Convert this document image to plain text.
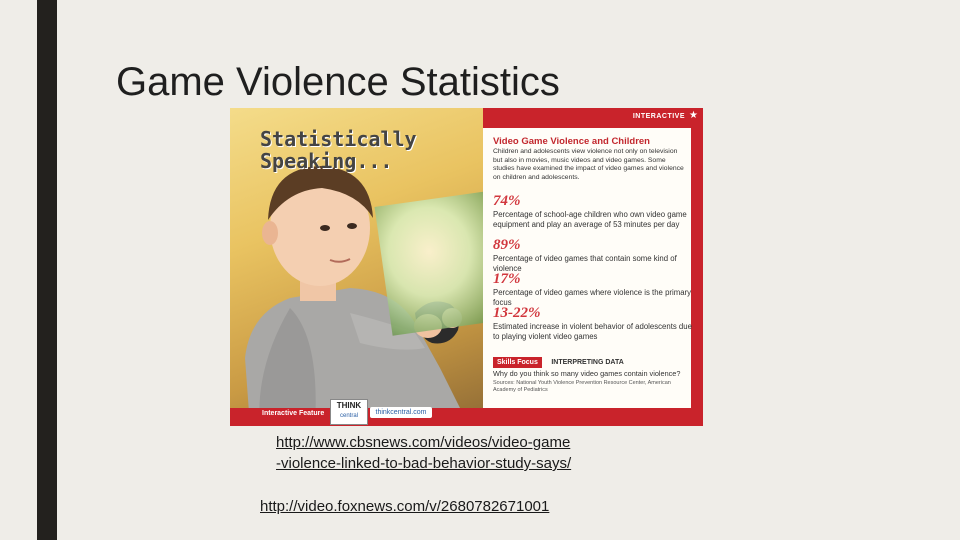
Game Violence Statistics
INTERACTIVE ★
Statistically
Speaking...
Video Game Violence and Children
Children and adolescents view violence not only on television but also in movies, music videos and video games. Some studies have examined the impact of video games and violence on children and adolescents.
74%
Percentage of school-age children who own video game equipment and play an average of 53 minutes per day
89%
Percentage of video games that contain some kind of violence
17%
Percentage of video games where violence is the primary focus
13-22%
Estimated increase in violent behavior of adolescents due to playing violent video games
Skills Focus INTERPRETING DATA
Why do you think so many video games contain violence?
Sources: National Youth Violence Prevention Resource Center, American Academy of Pediatrics
Interactive Feature
THINK
central	thinkcentral.com
http://www.cbsnews.com/videos/video-game
-violence-linked-to-bad-behavior-study-says/
http://video.foxnews.com/v/2680782671001
